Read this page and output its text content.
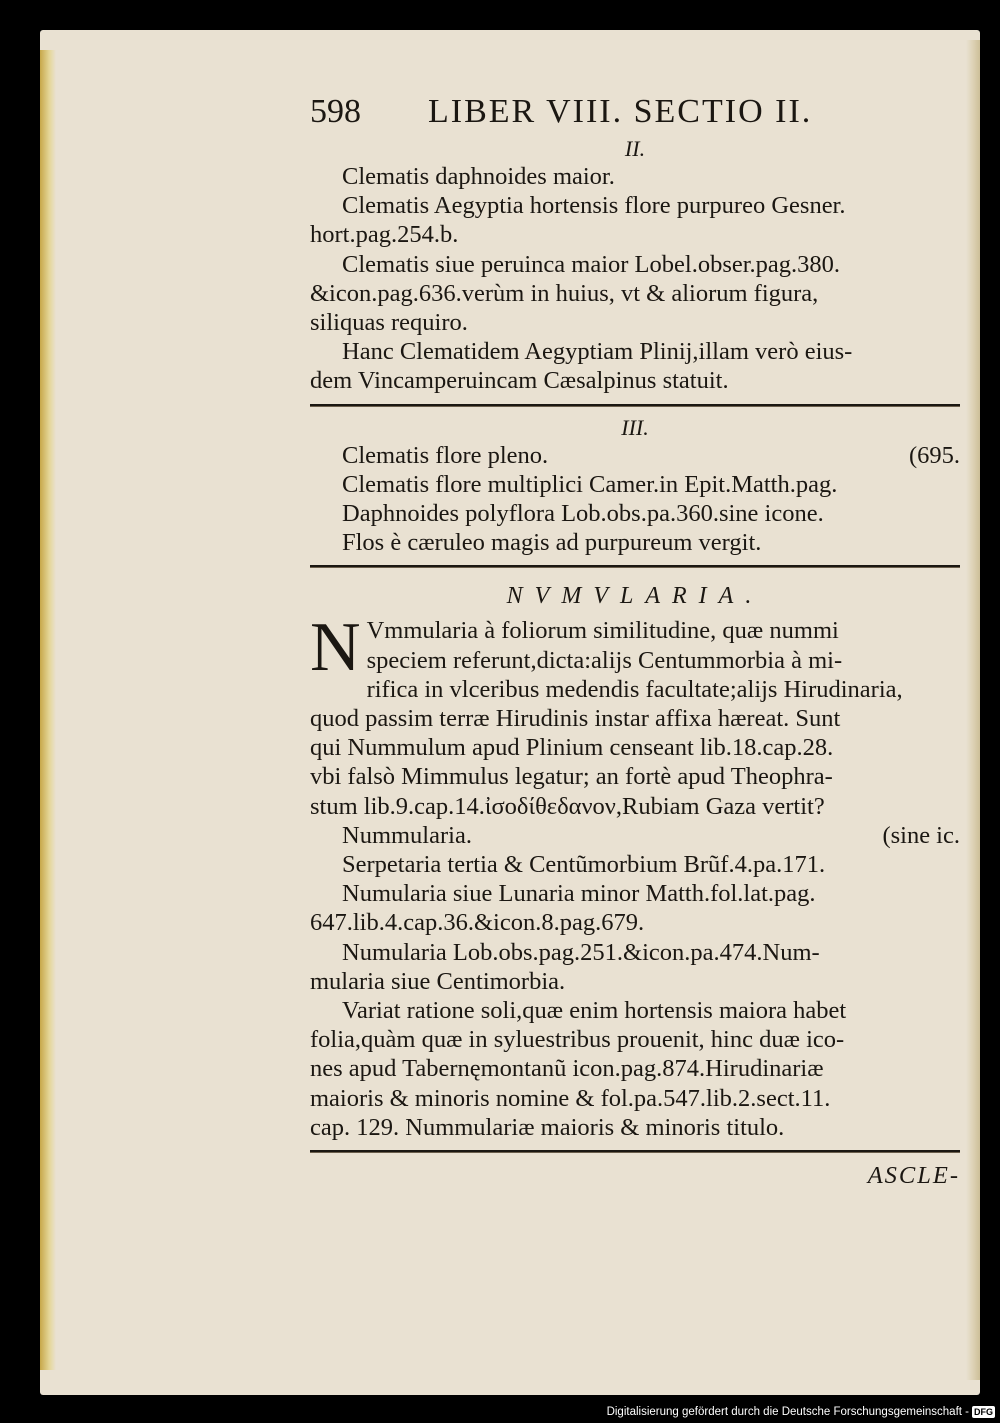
598 LIBER VIII. SECTIO II.
II.
Clematis daphnoides maior.
Clematis Aegyptia hortensis flore purpureo Gesner.
hort.pag.254.b.
Clematis siue peruinca maior Lobel.obser.pag.380.
&icon.pag.636.verùm in huius, vt & aliorum figura,
siliquas requiro.
Hanc Clematidem Aegyptiam Plinij,illam verò eius-
dem Vincamperuincam Cæsalpinus statuit.
III.
Clematis flore pleno.	(695.
Clematis flore multiplici Camer.in Epit.Matth.pag.
Daphnoides polyflora Lob.obs.pa.360.sine icone.
Flos è cæruleo magis ad purpureum vergit.
NVMVLARIA.
N Vmmularia à foliorum similitudine, quæ nummi
speciem referunt,dicta:alijs Centummorbia à mi-
rifica in vlceribus medendis facultate;alijs Hirudinaria,
quod passim terræ Hirudinis instar affixa hæreat. Sunt
qui Nummulum apud Plinium censeant lib.18.cap.28.
vbi falsò Mimmulus legatur; an fortè apud Theophra-
stum lib.9.cap.14.ἰσοδίθεδανον,Rubiam Gaza vertit?
Nummularia.	(sine ic.
Serpetaria tertia & Centũmorbium Brũf.4.pa.171.
Numularia siue Lunaria minor Matth.fol.lat.pag.
647.lib.4.cap.36.&icon.8.pag.679.
Numularia Lob.obs.pag.251.&icon.pa.474.Num-
mularia siue Centimorbia.
Variat ratione soli,quæ enim hortensis maiora habet
folia,quàm quæ in syluestribus prouenit, hinc duæ ico-
nes apud Tabernęmontanũ icon.pag.874.Hirudinariæ
maioris & minoris nomine & fol.pa.547.lib.2.sect.11.
cap. 129. Nummulariæ maioris & minoris titulo.
ASCLE-
Digitalisierung gefördert durch die Deutsche Forschungsgemeinschaft - DFG
